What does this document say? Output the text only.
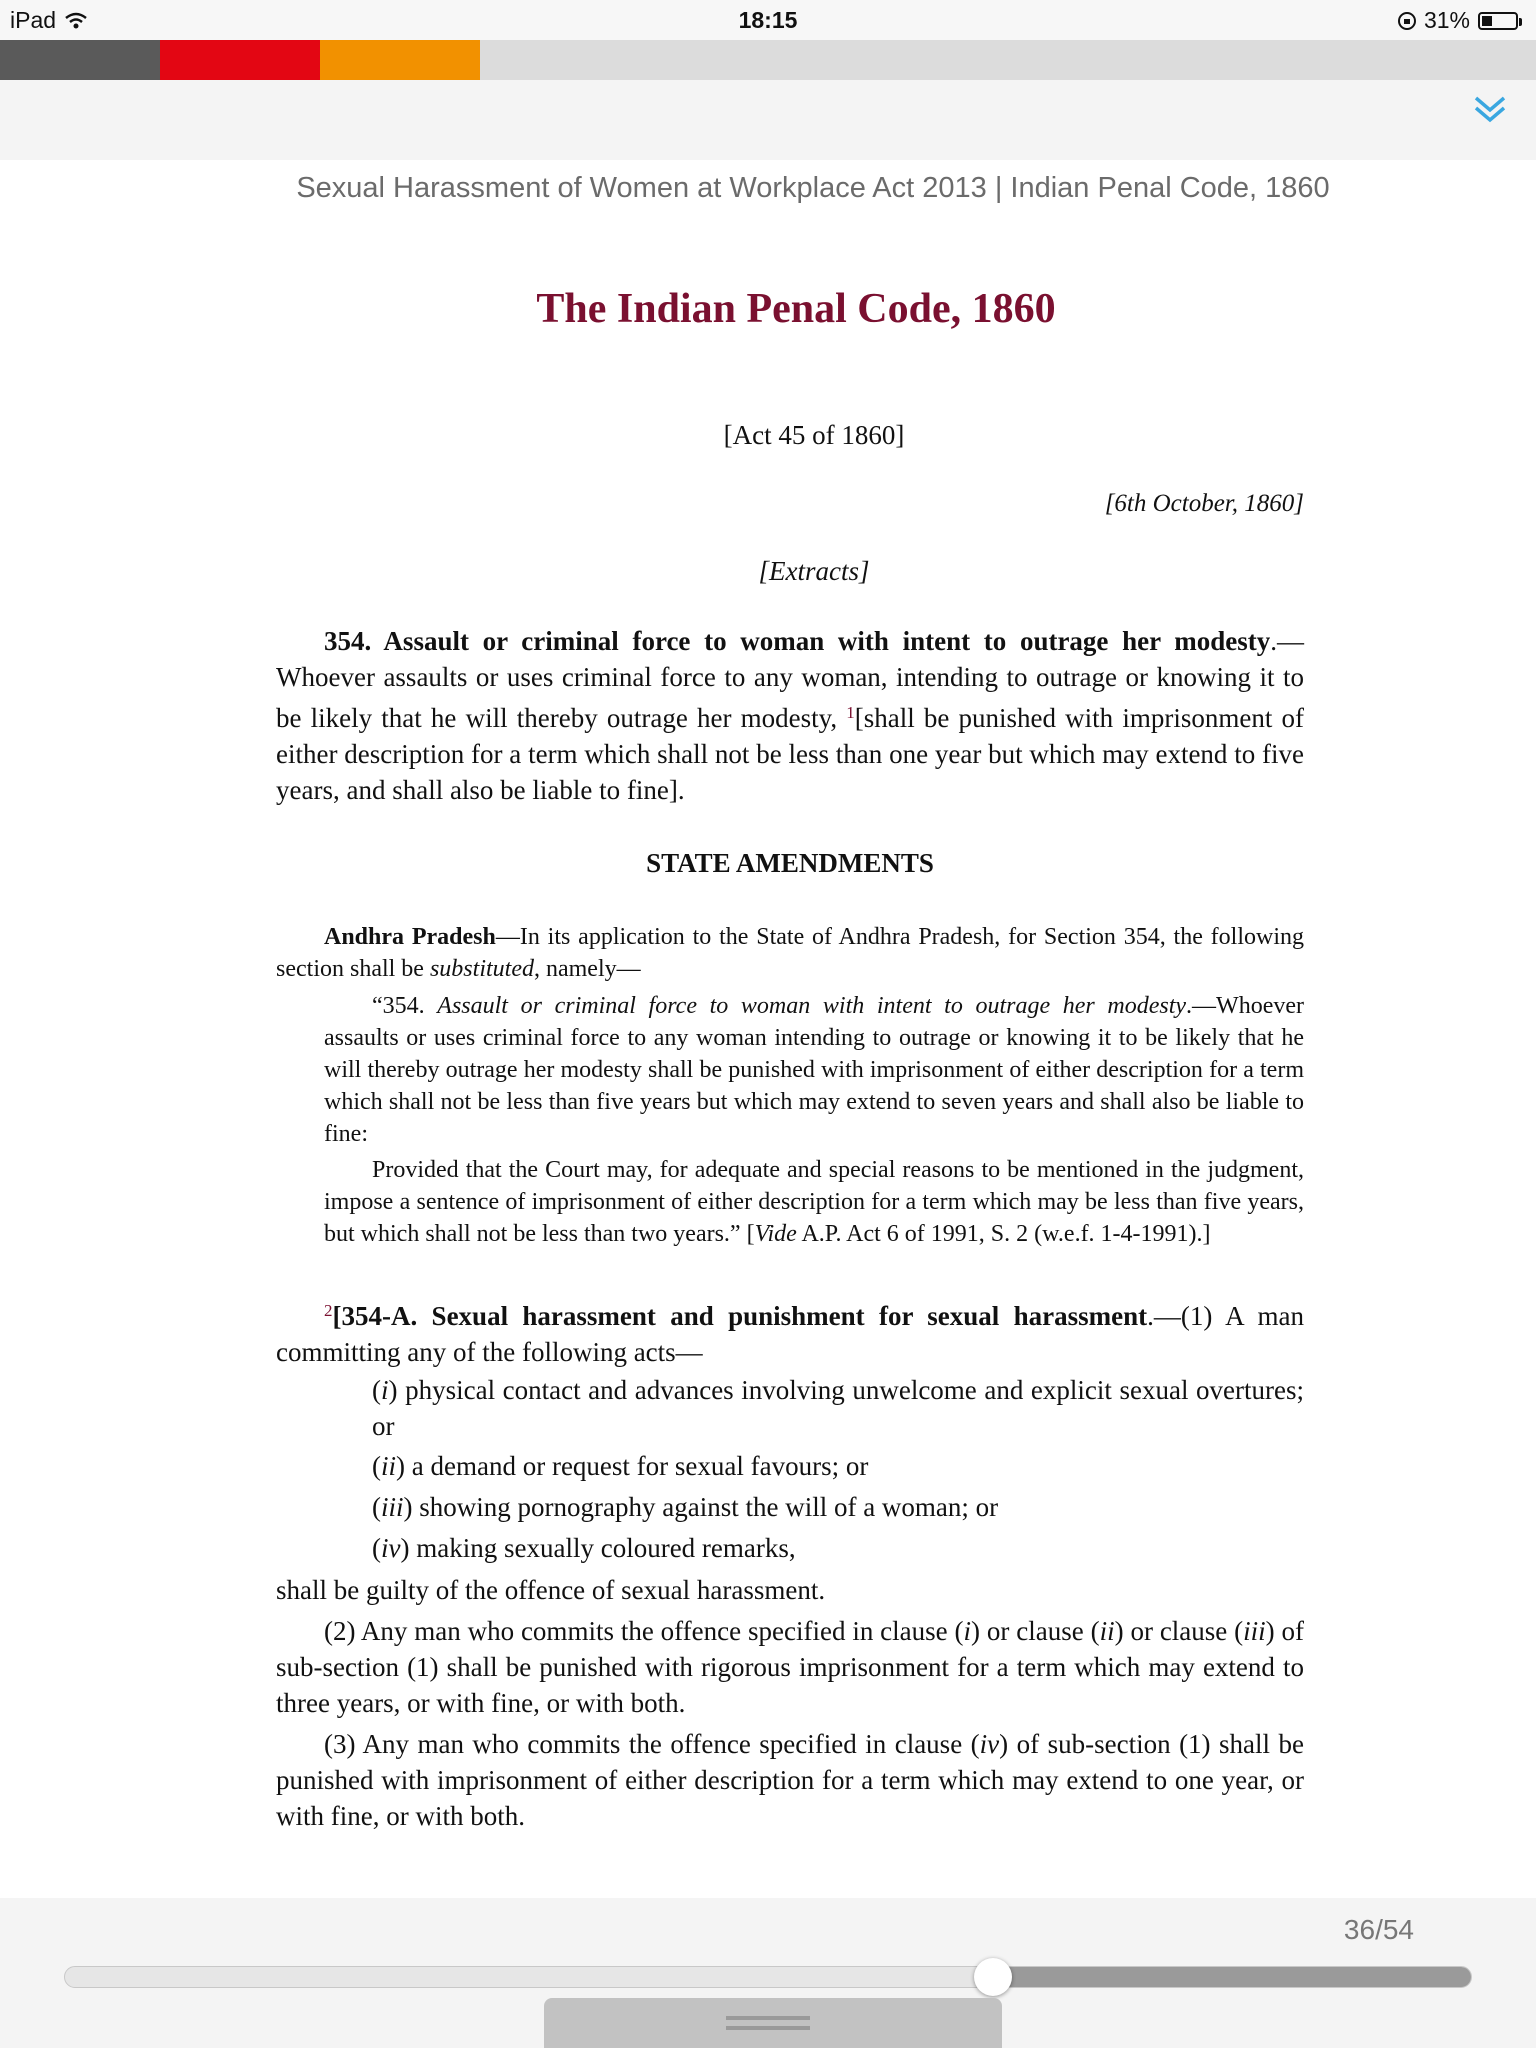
iPad	18:15	31%
Sexual Harassment of Women at Workplace Act 2013 | Indian Penal Code, 1860
The Indian Penal Code, 1860
[Act 45 of 1860]
[6th October, 1860]
[Extracts]

354. Assault or criminal force to woman with intent to outrage her modesty.—Whoever assaults or uses criminal force to any woman, intending to outrage or knowing it to be likely that he will thereby outrage her modesty, $^1$[shall be punished with imprisonment of either description for a term which shall not be less than one year but which may extend to five years, and shall also be liable to fine].

STATE AMENDMENTS

Andhra Pradesh—In its application to the State of Andhra Pradesh, for Section 354, the following section shall be substituted, namely—

“354. Assault or criminal force to woman with intent to outrage her modesty.—Whoever assaults or uses criminal force to any woman intending to outrage or knowing it to be likely that he will thereby outrage her modesty shall be punished with imprisonment of either description for a term which shall not be less than five years but which may extend to seven years and shall also be liable to fine:

Provided that the Court may, for adequate and special reasons to be mentioned in the judgment, impose a sentence of imprisonment of either description for a term which may be less than five years, but which shall not be less than two years.” [Vide A.P. Act 6 of 1991, S. 2 (w.e.f. 1-4-1991).]

$^2$[354-A. Sexual harassment and punishment for sexual harassment.—(1) A man committing any of the following acts—

(i) physical contact and advances involving unwelcome and explicit sexual overtures; or
(ii) a demand or request for sexual favours; or
(iii) showing pornography against the will of a woman; or
(iv) making sexually coloured remarks,

shall be guilty of the offence of sexual harassment.

(2) Any man who commits the offence specified in clause (i) or clause (ii) or clause (iii) of sub-section (1) shall be punished with rigorous imprisonment for a term which may extend to three years, or with fine, or with both.

(3) Any man who commits the offence specified in clause (iv) of sub-section (1) shall be punished with imprisonment of either description for a term which may extend to one year, or with fine, or with both.

36/54
